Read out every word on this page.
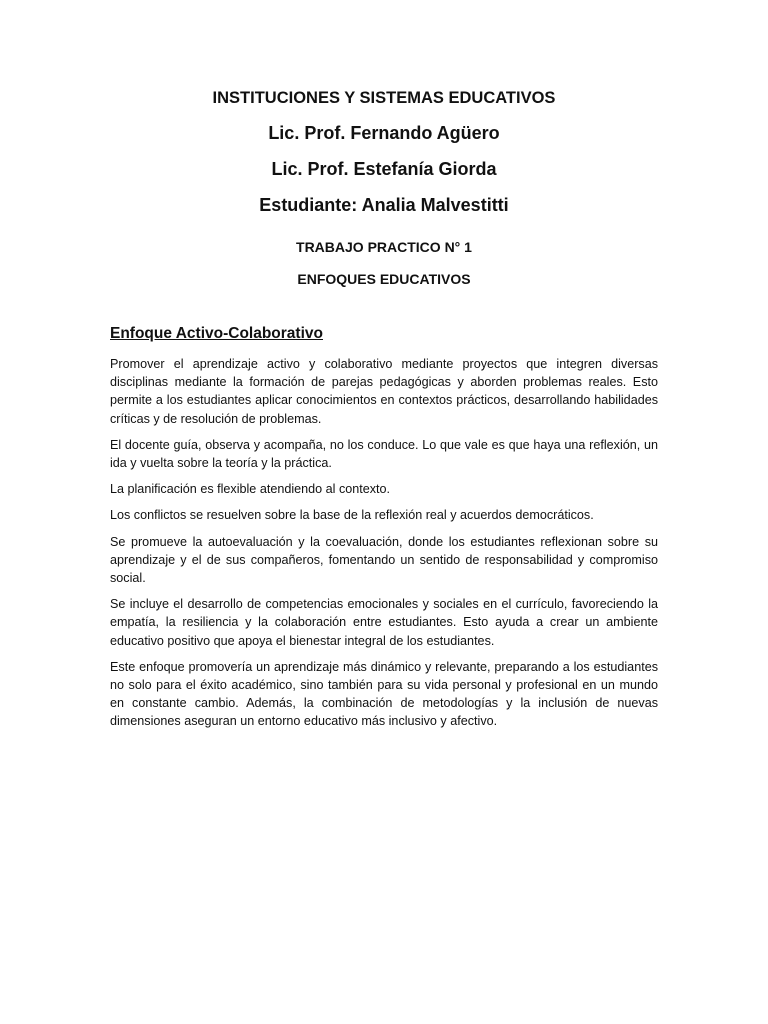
INSTITUCIONES Y SISTEMAS EDUCATIVOS
Lic. Prof. Fernando Agüero
Lic. Prof. Estefanía Giorda
Estudiante: Analia Malvestitti
TRABAJO PRACTICO N° 1
ENFOQUES EDUCATIVOS
Enfoque Activo-Colaborativo

Promover el aprendizaje activo y colaborativo mediante proyectos que integren diversas disciplinas mediante la formación de parejas pedagógicas y aborden problemas reales. Esto permite a los estudiantes aplicar conocimientos en contextos prácticos, desarrollando habilidades críticas y de resolución de problemas.

El docente guía, observa y acompaña, no los conduce. Lo que vale es que haya una reflexión, un ida y vuelta sobre la teoría y la práctica.

La planificación es flexible atendiendo al contexto.

Los conflictos se resuelven sobre la base de la reflexión real y acuerdos democráticos.

Se promueve la autoevaluación y la coevaluación, donde los estudiantes reflexionan sobre su aprendizaje y el de sus compañeros, fomentando un sentido de responsabilidad y compromiso social.

Se incluye el desarrollo de competencias emocionales y sociales en el currículo, favoreciendo la empatía, la resiliencia y la colaboración entre estudiantes. Esto ayuda a crear un ambiente educativo positivo que apoya el bienestar integral de los estudiantes.

Este enfoque promovería un aprendizaje más dinámico y relevante, preparando a los estudiantes no solo para el éxito académico, sino también para su vida personal y profesional en un mundo en constante cambio. Además, la combinación de metodologías y la inclusión de nuevas dimensiones aseguran un entorno educativo más inclusivo y afectivo.
